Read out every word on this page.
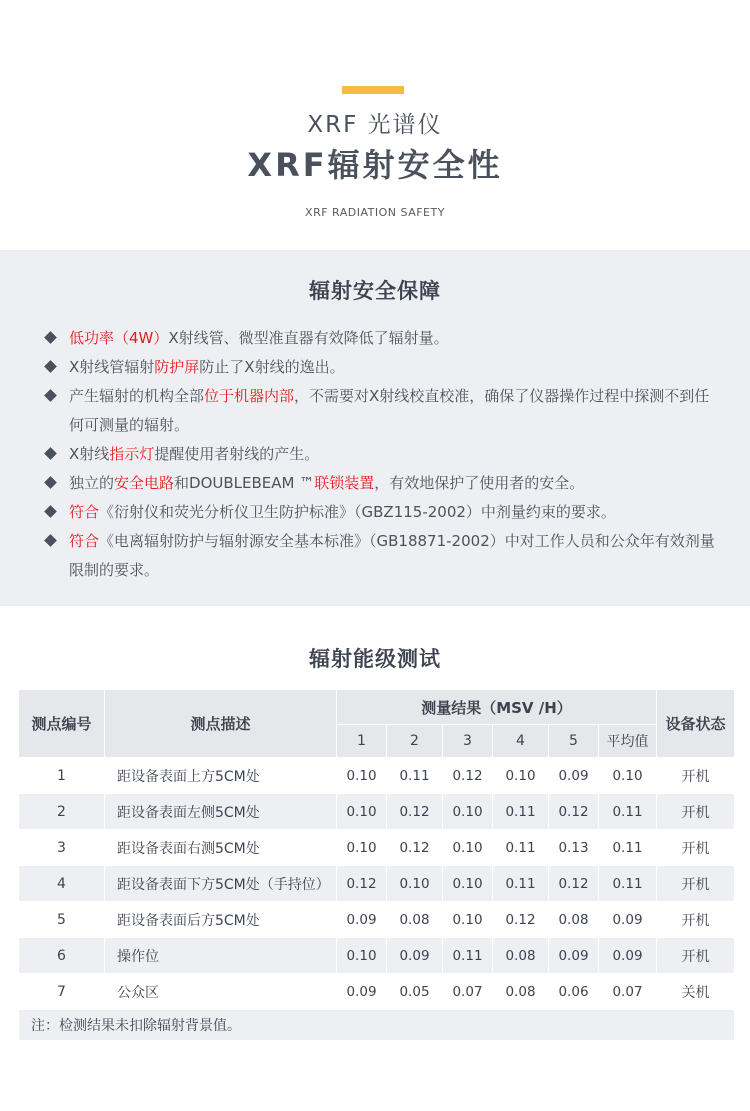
XRF 光谱仪
XRF辐射安全性
XRF RADIATION SAFETY
辐射安全保障
低功率（4W）X射线管、微型准直器有效降低了辐射量。
X射线管辐射防护屏防止了X射线的逸出。
产生辐射的机构全部位于机器内部，不需要对X射线校直校准，确保了仪器操作过程中探测不到任何可测量的辐射。
X射线指示灯提醒使用者射线的产生。
独立的安全电路和DOUBLEBEAM ™联锁装置，有效地保护了使用者的安全。
符合《衍射仪和荧光分析仪卫生防护标准》（GBZ115-2002）中剂量约束的要求。
符合《电离辐射防护与辐射源安全基本标准》（GB18871-2002）中对工作人员和公众年有效剂量限制的要求。
辐射能级测试
测点编号	测点描述	测量结果（MSV /H）						设备状态
		1	2	3	4	5	平均值	
1	距设备表面上方5CM处	0.10	0.11	0.12	0.10	0.09	0.10	开机
2	距设备表面左侧5CM处	0.10	0.12	0.10	0.11	0.12	0.11	开机
3	距设备表面右测5CM处	0.10	0.12	0.10	0.11	0.13	0.11	开机
4	距设备表面下方5CM处（手持位）	0.12	0.10	0.10	0.11	0.12	0.11	开机
5	距设备表面后方5CM处	0.09	0.08	0.10	0.12	0.08	0.09	开机
6	操作位	0.10	0.09	0.11	0.08	0.09	0.09	开机
7	公众区	0.09	0.05	0.07	0.08	0.06	0.07	关机
注：检测结果未扣除辐射背景值。								
